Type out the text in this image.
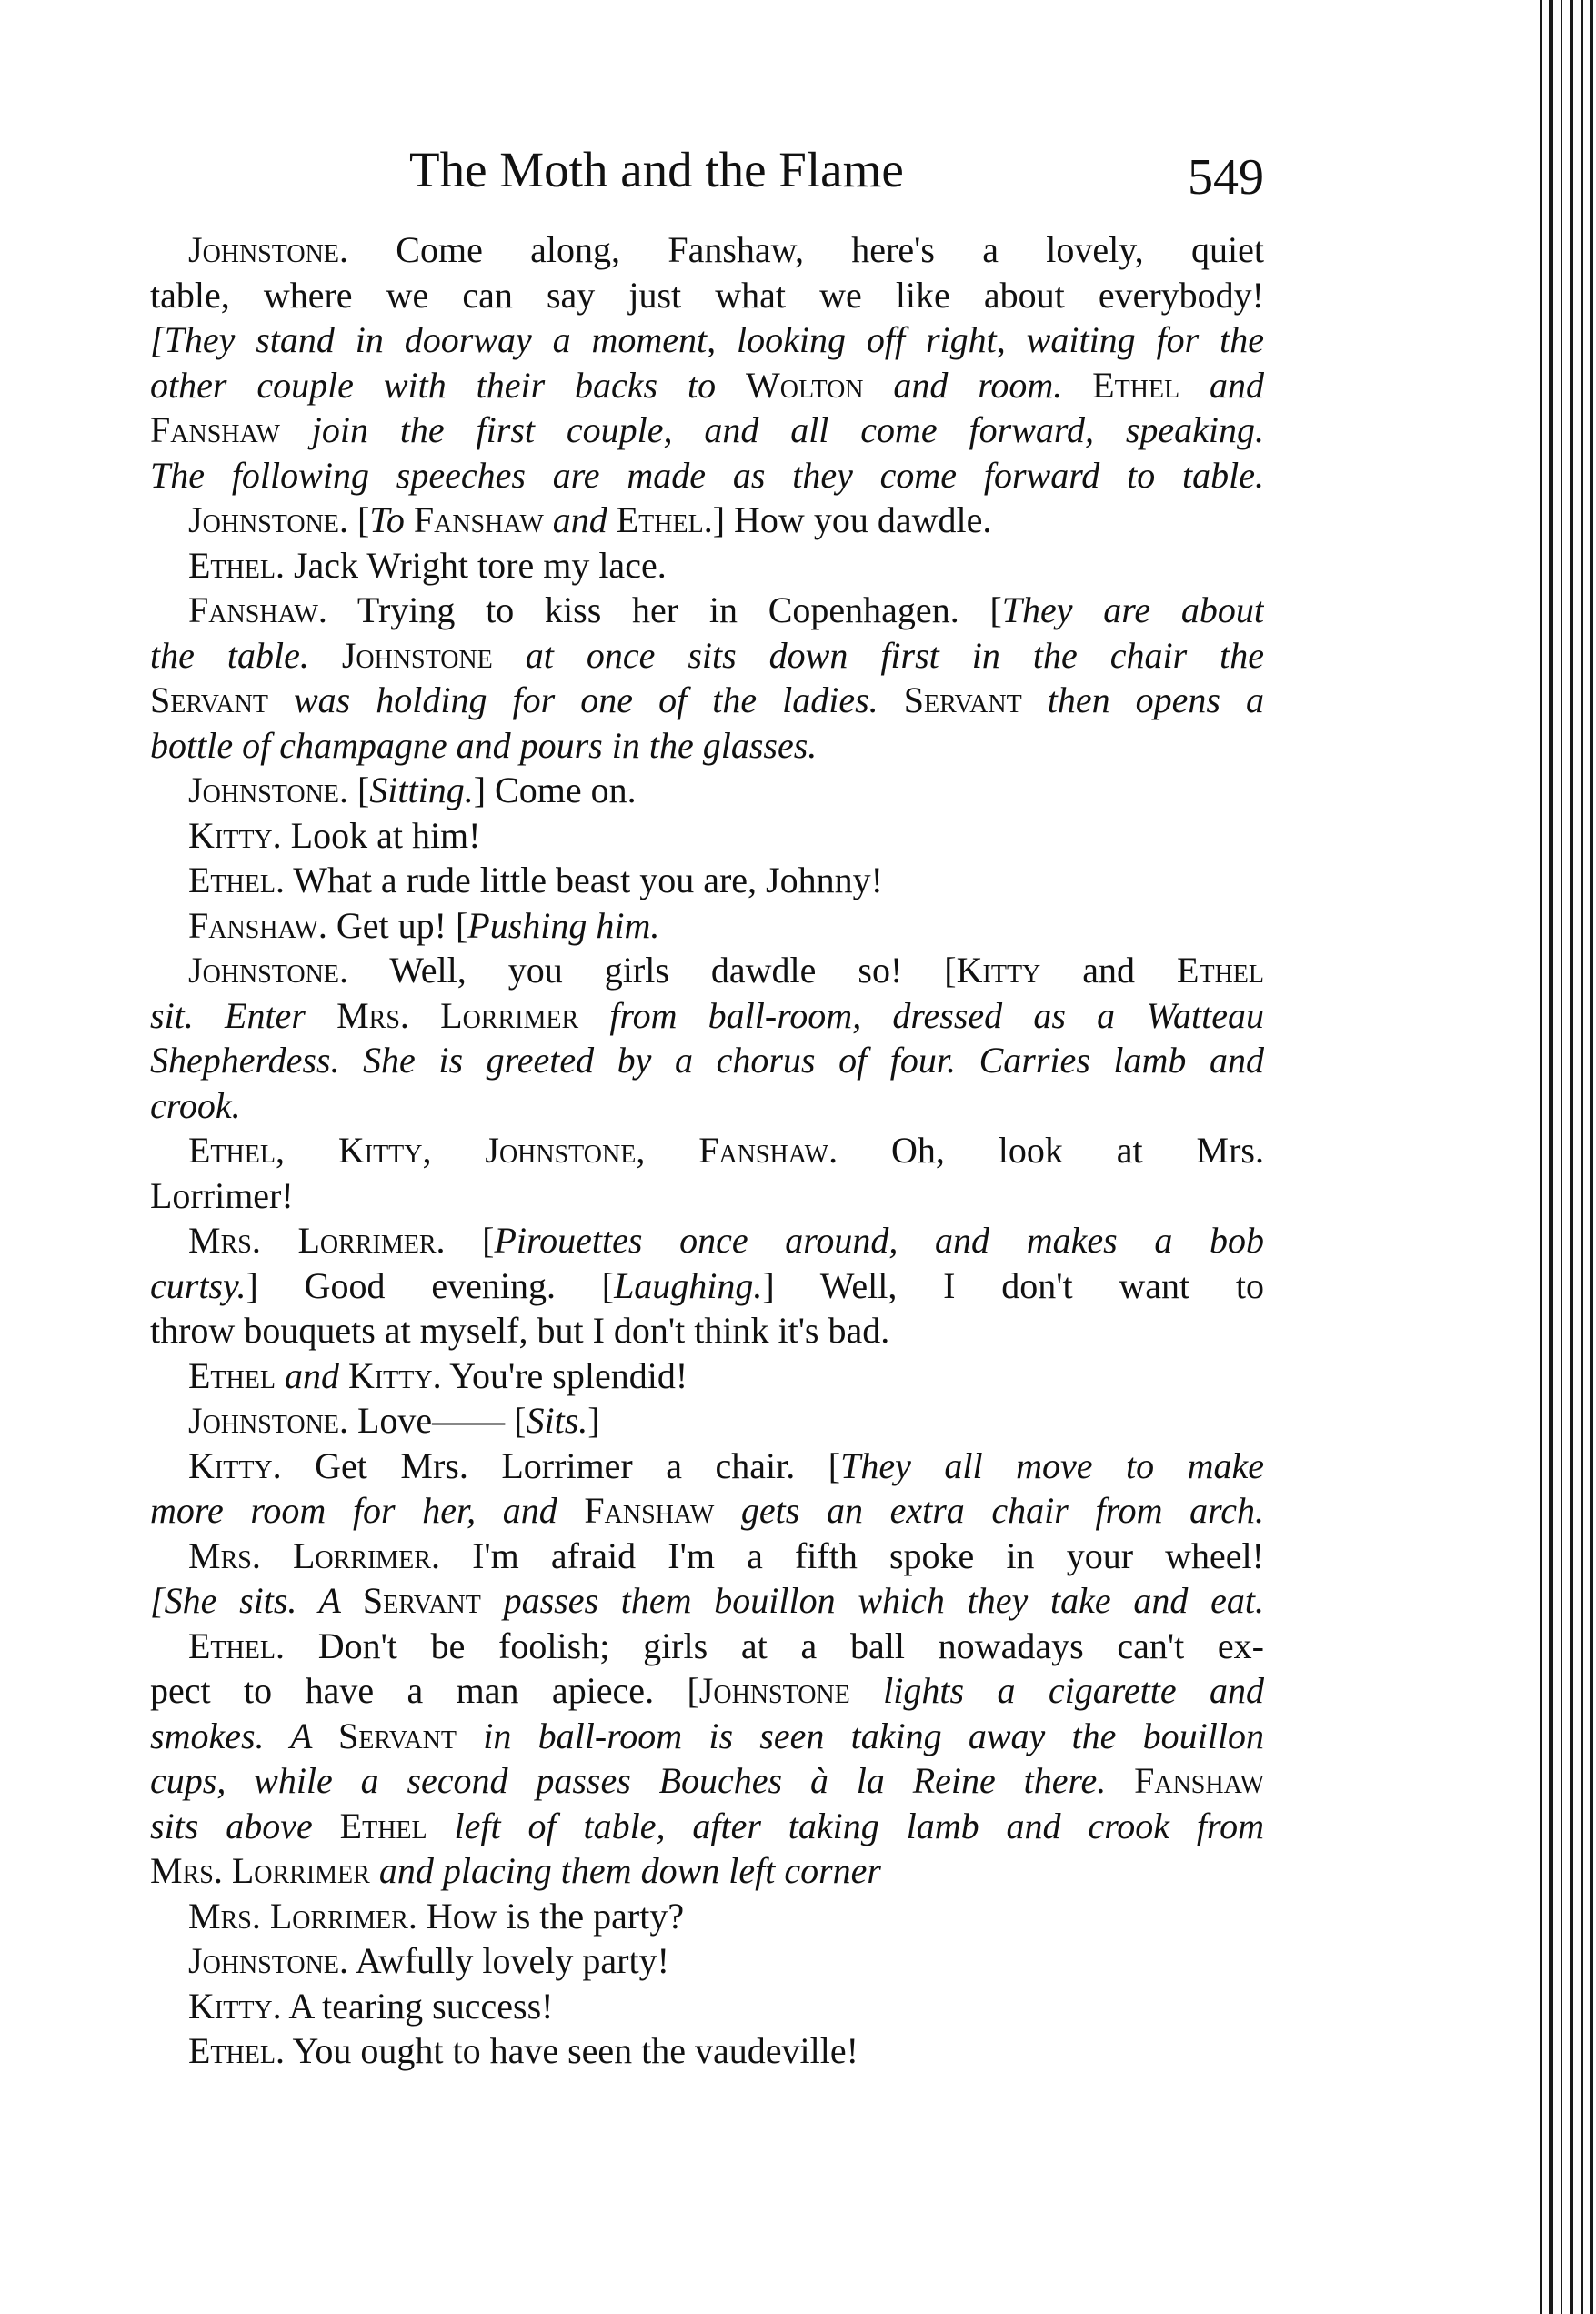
The Moth and the Flame	549
Johnstone. Come along, Fanshaw, here's a lovely, quiet
table, where we can say just what we like about everybody!
[They stand in doorway a moment, looking off right, waiting for the
other couple with their backs to Wolton and room. Ethel and
Fanshaw join the first couple, and all come forward, speaking.
The following speeches are made as they come forward to table.
Johnstone. [To Fanshaw and Ethel.] How you dawdle.
Ethel. Jack Wright tore my lace.
Fanshaw. Trying to kiss her in Copenhagen. [They are about
the table. Johnstone at once sits down first in the chair the
Servant was holding for one of the ladies. Servant then opens a
bottle of champagne and pours in the glasses.
Johnstone. [Sitting.] Come on.
Kitty. Look at him!
Ethel. What a rude little beast you are, Johnny!
Fanshaw. Get up! [Pushing him.
Johnstone. Well, you girls dawdle so! [Kitty and Ethel
sit. Enter Mrs. Lorrimer from ball-room, dressed as a Watteau
Shepherdess. She is greeted by a chorus of four. Carries lamb and
crook.
Ethel, Kitty, Johnstone, Fanshaw. Oh, look at Mrs.
Lorrimer!
Mrs. Lorrimer. [Pirouettes once around, and makes a bob
curtsy.] Good evening. [Laughing.] Well, I don't want to
throw bouquets at myself, but I don't think it's bad.
Ethel and Kitty. You're splendid!
Johnstone. Love—— [Sits.]
Kitty. Get Mrs. Lorrimer a chair. [They all move to make
more room for her, and Fanshaw gets an extra chair from arch.
Mrs. Lorrimer. I'm afraid I'm a fifth spoke in your wheel!
[She sits. A Servant passes them bouillon which they take and eat.
Ethel. Don't be foolish; girls at a ball nowadays can't ex-
pect to have a man apiece. [Johnstone lights a cigarette and
smokes. A Servant in ball-room is seen taking away the bouillon
cups, while a second passes Bouches à la Reine there. Fanshaw
sits above Ethel left of table, after taking lamb and crook from
Mrs. Lorrimer and placing them down left corner
Mrs. Lorrimer. How is the party?
Johnstone. Awfully lovely party!
Kitty. A tearing success!
Ethel. You ought to have seen the vaudeville!
